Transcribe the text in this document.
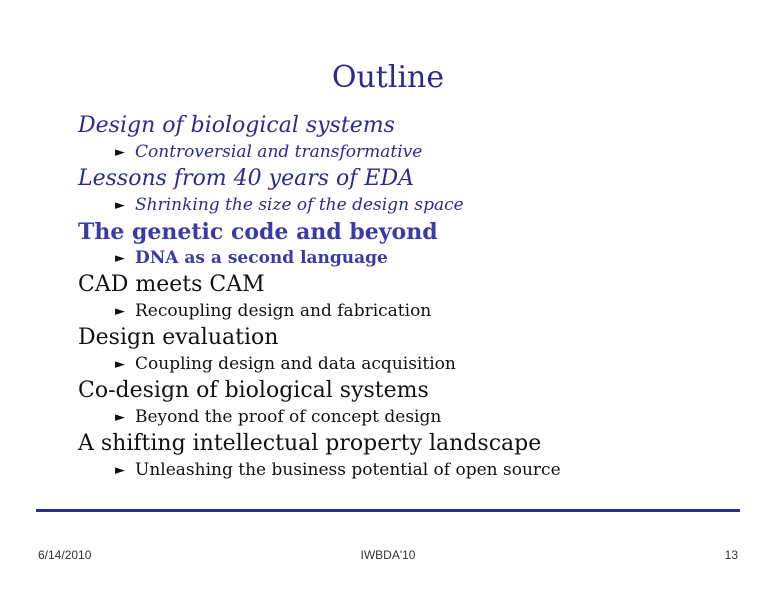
Outline
Design of biological systems
► Controversial and transformative
Lessons from 40 years of EDA
► Shrinking the size of the design space
The genetic code and beyond
► DNA as a second language
CAD meets CAM
► Recoupling design and fabrication
Design evaluation
► Coupling design and data acquisition
Co-design of biological systems
► Beyond the proof of concept design
A shifting intellectual property landscape
► Unleashing the business potential of open source
6/14/2010	IWBDA'10	13
